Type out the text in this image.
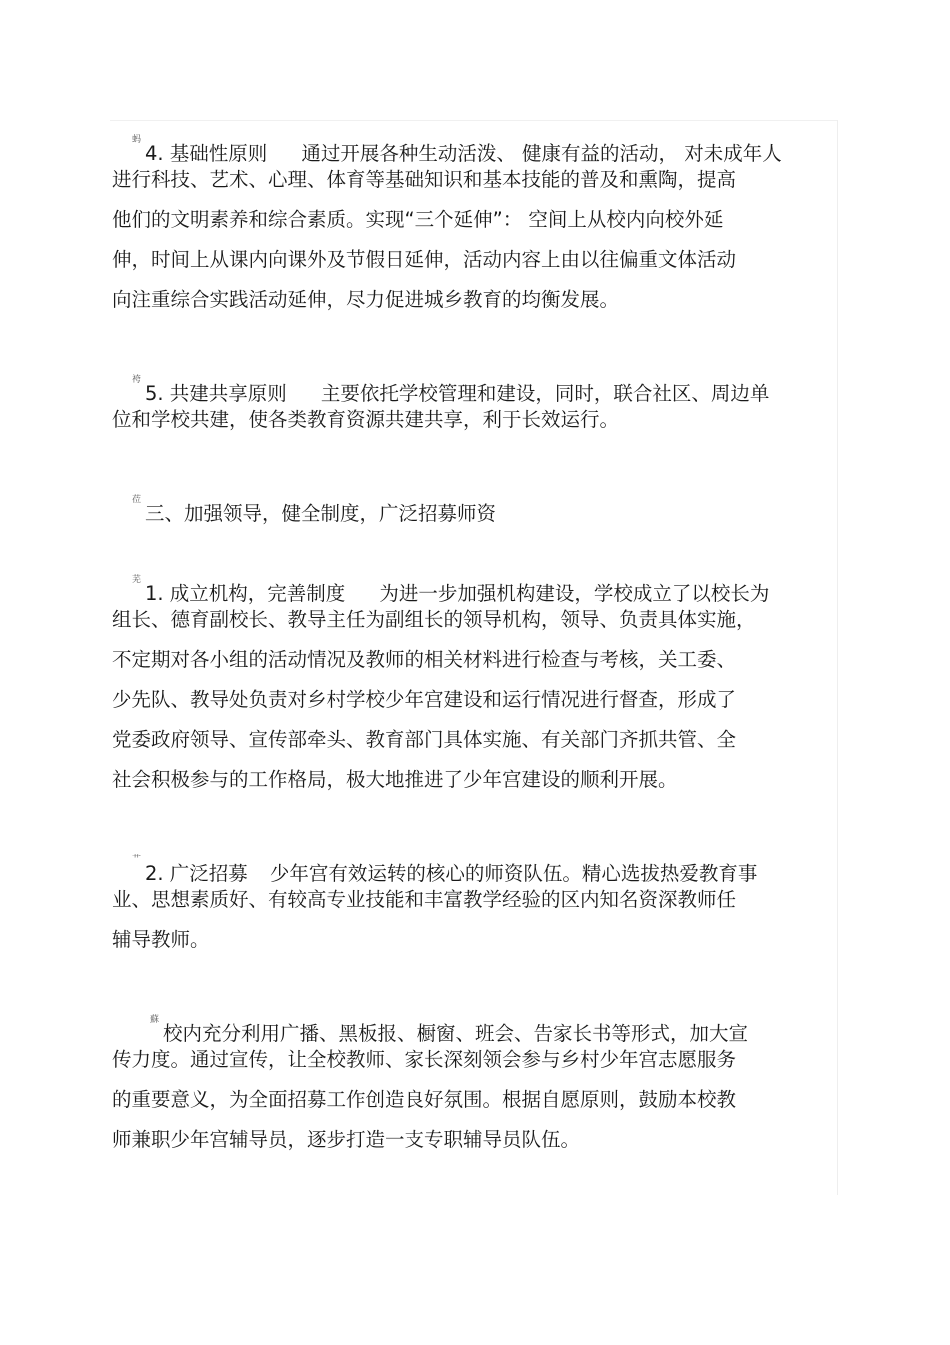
蚂4. 基础性原则 通过开展各种生动活泼、 健康有益的活动， 对未成年人
进行科技、艺术、心理、体育等基础知识和基本技能的普及和熏陶，提高
他们的文明素养和综合素质。实现“三个延伸”： 空间上从校内向校外延
伸，时间上从课内向课外及节假日延伸，活动内容上由以往偏重文体活动
向注重综合实践活动延伸，尽力促进城乡教育的均衡发展。
袴5. 共建共享原则 主要依托学校管理和建设，同时，联合社区、周边单
位和学校共建，使各类教育资源共建共享，利于长效运行。
莅三、加强领导，健全制度，广泛招募师资
芜1. 成立机构，完善制度 为进一步加强机构建设，学校成立了以校长为
组长、德育副校长、教导主任为副组长的领导机构，领导、负责具体实施，
不定期对各小组的活动情况及教师的相关材料进行检查与考核，关工委、
少先队、教导处负责对乡村学校少年宫建设和运行情况进行督查，形成了
党委政府领导、宣传部牵头、教育部门具体实施、有关部门齐抓共管、全
社会积极参与的工作格局，极大地推进了少年宫建设的顺利开展。
艹2. 广泛招募 少年宫有效运转的核心的师资队伍。精心选拔热爱教育事
业、思想素质好、有较高专业技能和丰富教学经验的区内知名资深教师任
辅导教师。
蘇校内充分利用广播、黑板报、橱窗、班会、告家长书等形式，加大宣
传力度。通过宣传，让全校教师、家长深刻领会参与乡村少年宫志愿服务
的重要意义，为全面招募工作创造良好氛围。根据自愿原则，鼓励本校教
师兼职少年宫辅导员，逐步打造一支专职辅导员队伍。
